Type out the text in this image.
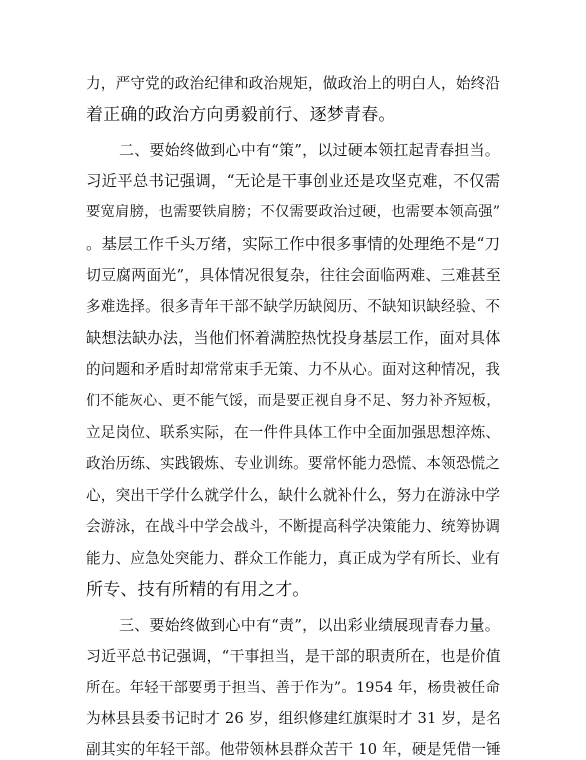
力，严守党的政治纪律和政治规矩，做政治上的明白人，始终沿
着正确的政治方向勇毅前行、逐梦青春。
二、要始终做到心中有“策”，以过硬本领扛起青春担当。
习近平总书记强调，“无论是干事创业还是攻坚克难，不仅需
要宽肩膀，也需要铁肩膀；不仅需要政治过硬，也需要本领高强”
。基层工作千头万绪，实际工作中很多事情的处理绝不是“刀
切豆腐两面光”，具体情况很复杂，往往会面临两难、三难甚至
多难选择。很多青年干部不缺学历缺阅历、不缺知识缺经验、不
缺想法缺办法，当他们怀着满腔热忱投身基层工作，面对具体
的问题和矛盾时却常常束手无策、力不从心。面对这种情况，我
们不能灰心、更不能气馁，而是要正视自身不足、努力补齐短板，
立足岗位、联系实际，在一件件具体工作中全面加强思想淬炼、
政治历练、实践锻炼、专业训练。要常怀能力恐慌、本领恐慌之
心，突出干学什么就学什么，缺什么就补什么，努力在游泳中学
会游泳，在战斗中学会战斗，不断提高科学决策能力、统筹协调
能力、应急处突能力、群众工作能力，真正成为学有所长、业有
所专、技有所精的有用之才。
三、要始终做到心中有“责”，以出彩业绩展现青春力量。
习近平总书记强调，“干事担当，是干部的职责所在，也是价值
所在。年轻干部要勇于担当、善于作为”。1954 年，杨贵被任命
为林县县委书记时才 26 岁，组织修建红旗渠时才 31 岁，是名
副其实的年轻干部。他带领林县群众苦干 10 年，硬是凭借一锤
